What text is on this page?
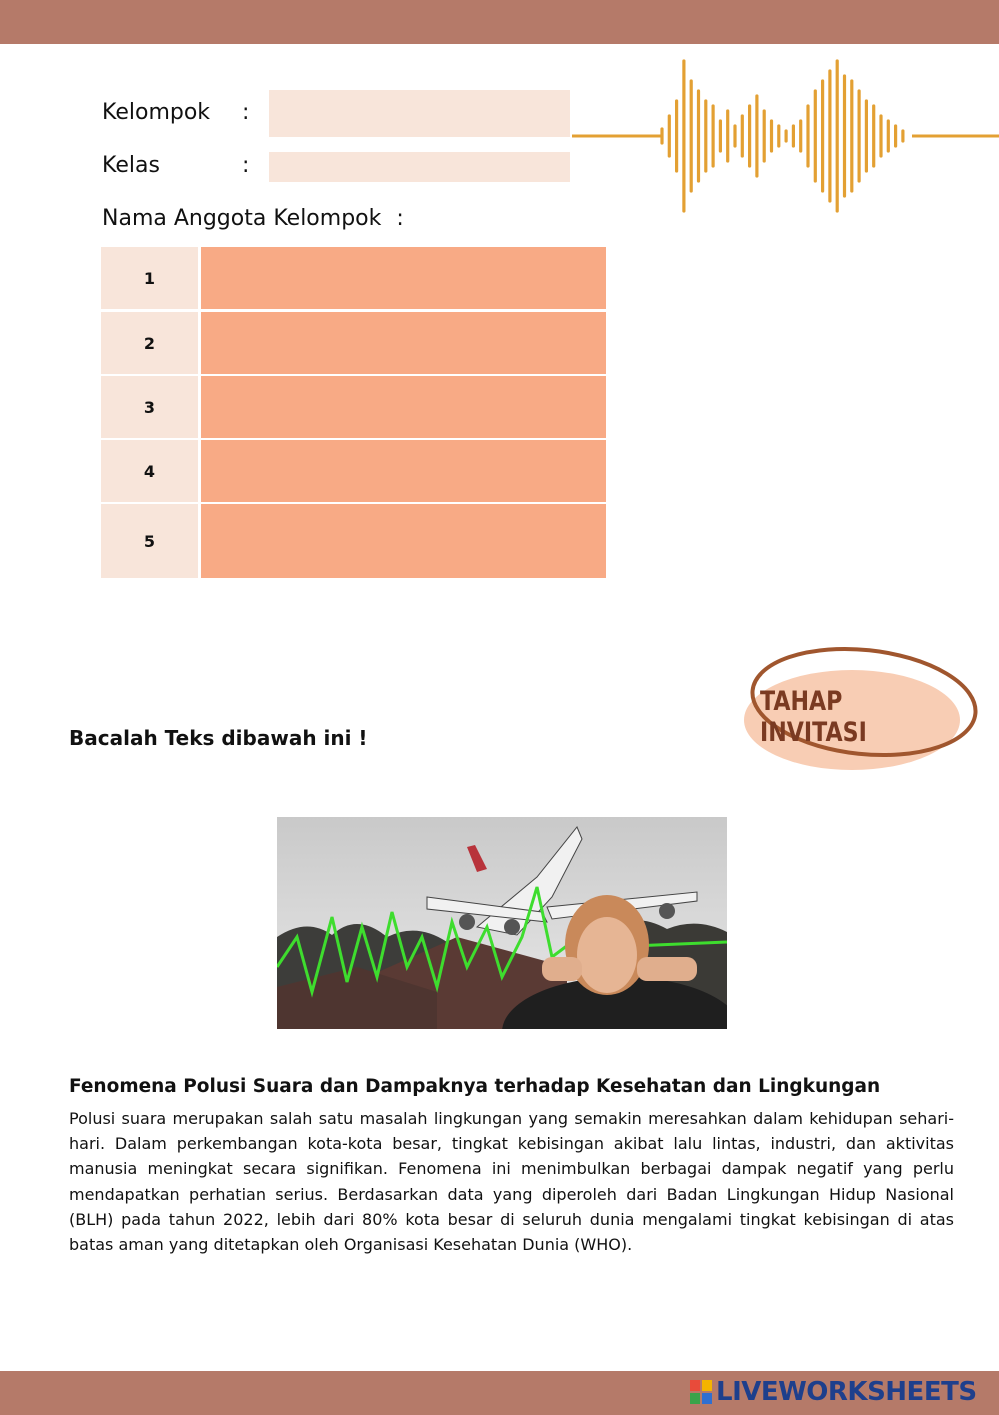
Kelompok :
Kelas	:
Nama Anggota Kelompok :
1
2
3
4
5
TAHAP INVITASI
Bacalah Teks dibawah ini !
Fenomena Polusi Suara dan Dampaknya terhadap Kesehatan dan Lingkungan
Polusi suara merupakan salah satu masalah lingkungan yang semakin meresahkan dalam kehidupan sehari-hari. Dalam perkembangan kota-kota besar, tingkat kebisingan akibat lalu lintas, industri, dan aktivitas manusia meningkat secara signifikan. Fenomena ini menimbulkan berbagai dampak negatif yang perlu mendapatkan perhatian serius. Berdasarkan data yang diperoleh dari Badan Lingkungan Hidup Nasional (BLH) pada tahun 2022, lebih dari 80% kota besar di seluruh dunia mengalami tingkat kebisingan di atas batas aman yang ditetapkan oleh Organisasi Kesehatan Dunia (WHO).
LIVEWORKSHEETS
